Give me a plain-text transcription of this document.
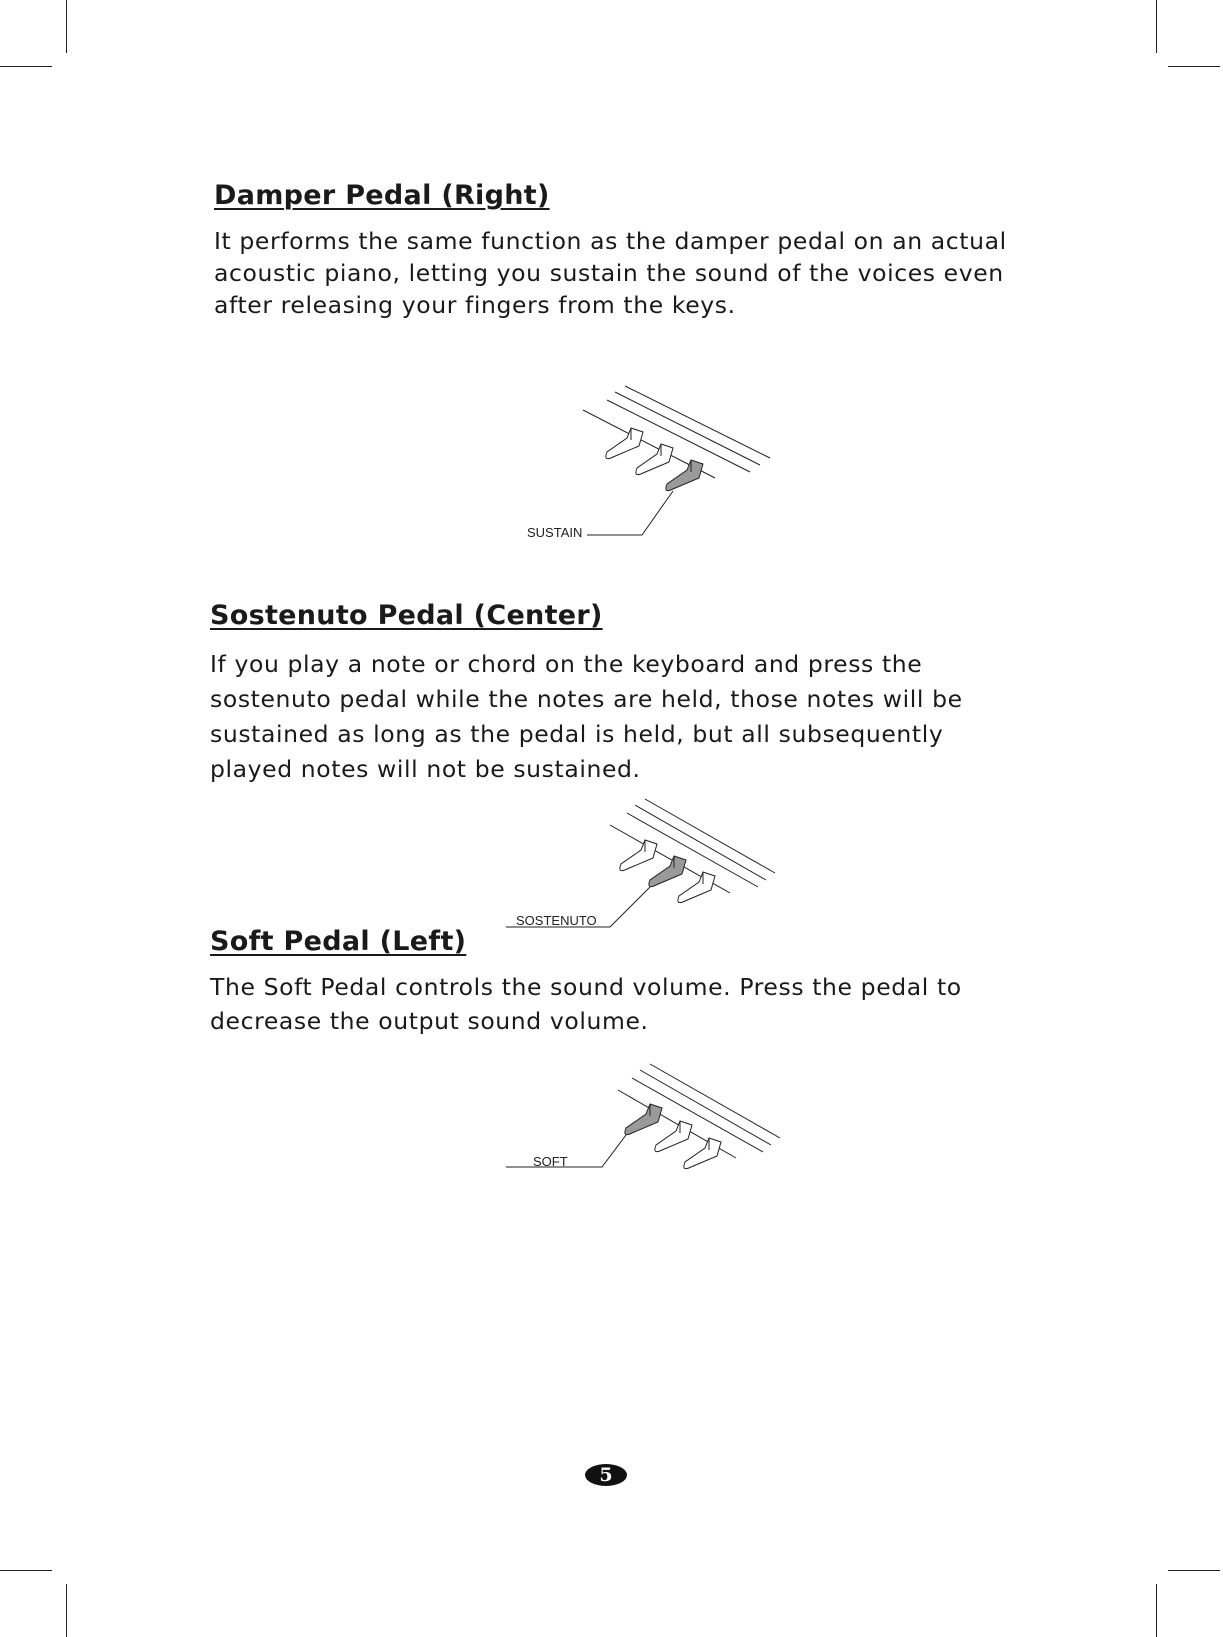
Damper Pedal (Right)

It performs the same function as the damper pedal on an actual
acoustic piano, letting you sustain the sound of the voices even
after releasing your fingers from the keys.

SUSTAIN
Sostenuto Pedal (Center)

If you play a note or chord on the keyboard and press the
sostenuto pedal while the notes are held, those notes will be
sustained as long as the pedal is held, but all subsequently
played notes will not be sustained.

SOSTENUTO
Soft Pedal (Left)

The Soft Pedal controls the sound volume. Press the pedal to
decrease the output sound volume.

SOFT
5
